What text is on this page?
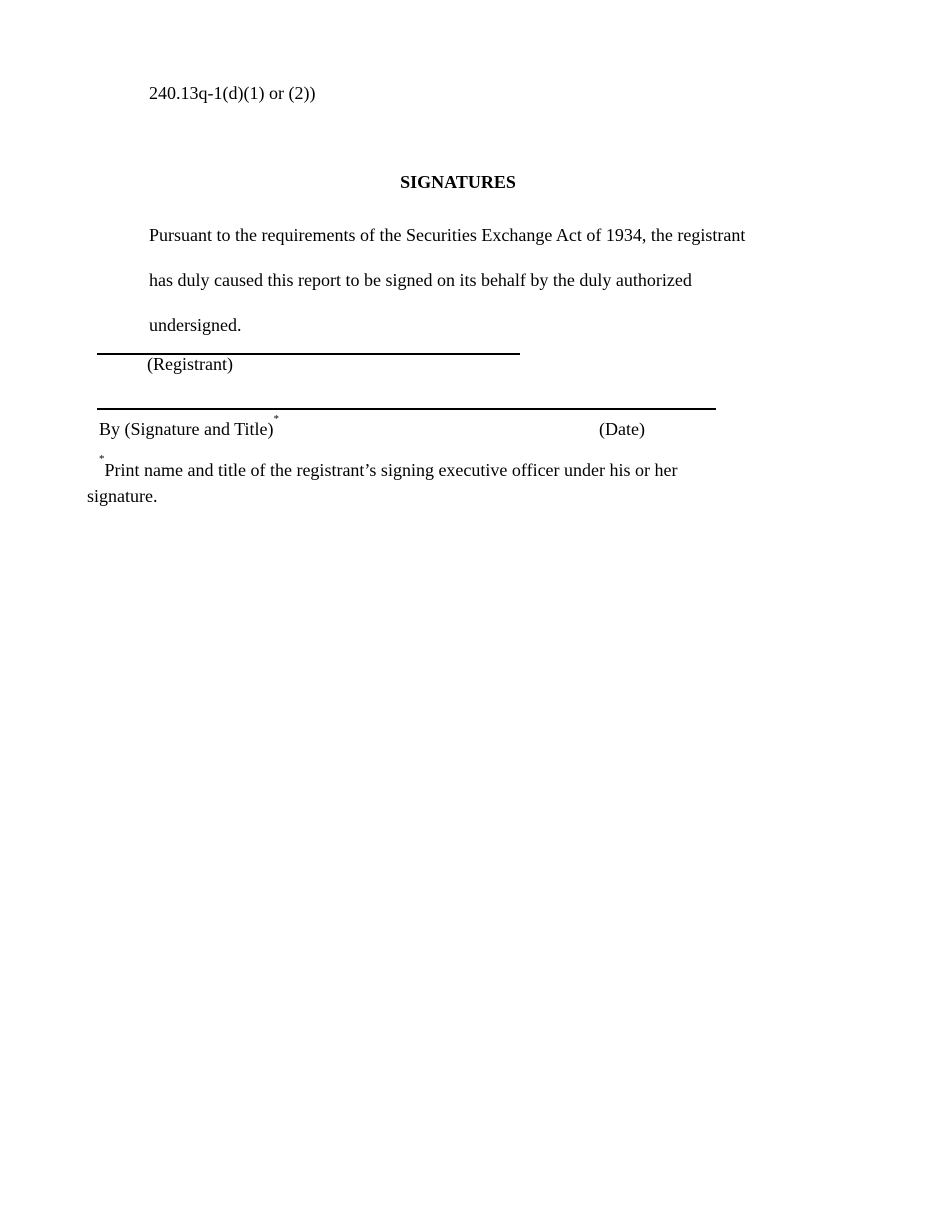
240.13q-1(d)(1) or (2))
SIGNATURES
Pursuant to the requirements of the Securities Exchange Act of 1934, the registrant
has duly caused this report to be signed on its behalf by the duly authorized
undersigned.
(Registrant)
By (Signature and Title)*	(Date)
*Print name and title of the registrant’s signing executive officer under his or her
signature.
